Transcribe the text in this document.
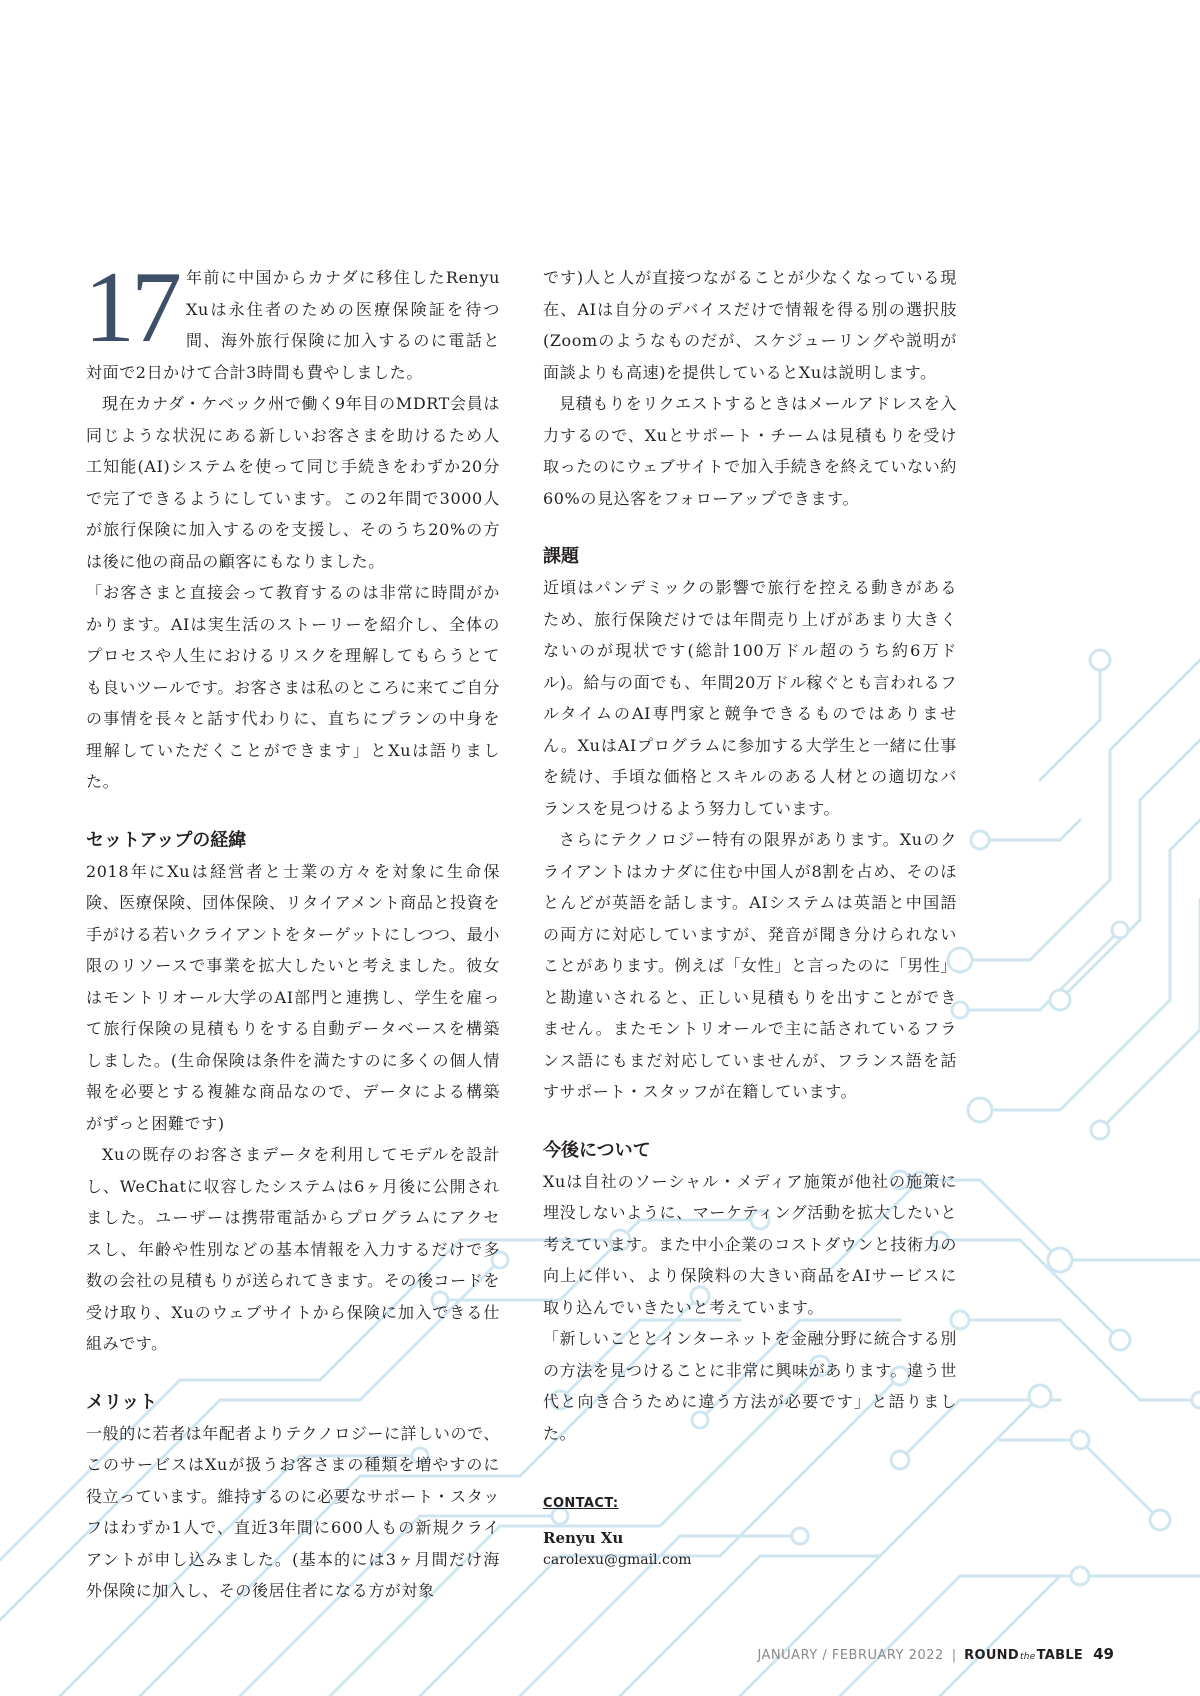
17 年前に中国からカナダに移住したRenyu Xuは永住者のための医療保険証を待つ間、海外旅行保険に加入するのに電話と対面で2日かけて合計3時間も費やしました。

現在カナダ・ケベック州で働く9年目のMDRT会員は同じような状況にある新しいお客さまを助けるため人工知能(AI)システムを使って同じ手続きをわずか20分で完了できるようにしています。この2年間で3000人が旅行保険に加入するのを支援し、そのうち20%の方は後に他の商品の顧客にもなりました。

「お客さまと直接会って教育するのは非常に時間がかかります。AIは実生活のストーリーを紹介し、全体のプロセスや人生におけるリスクを理解してもらうとても良いツールです。お客さまは私のところに来てご自分の事情を長々と話す代わりに、直ちにプランの中身を理解していただくことができます」とXuは語りました。

セットアップの経緯

2018年にXuは経営者と士業の方々を対象に生命保険、医療保険、団体保険、リタイアメント商品と投資を手がける若いクライアントをターゲットにしつつ、最小限のリソースで事業を拡大したいと考えました。彼女はモントリオール大学のAI部門と連携し、学生を雇って旅行保険の見積もりをする自動データベースを構築しました。(生命保険は条件を満たすのに多くの個人情報を必要とする複雑な商品なので、データによる構築がずっと困難です)

Xuの既存のお客さまデータを利用してモデルを設計し、WeChatに収容したシステムは6ヶ月後に公開されました。ユーザーは携帯電話からプログラムにアクセスし、年齢や性別などの基本情報を入力するだけで多数の会社の見積もりが送られてきます。その後コードを受け取り、Xuのウェブサイトから保険に加入できる仕組みです。

メリット

一般的に若者は年配者よりテクノロジーに詳しいので、このサービスはXuが扱うお客さまの種類を増やすのに役立っています。維持するのに必要なサポート・スタッフはわずか1人で、直近3年間に600人もの新規クライアントが申し込みました。(基本的には3ヶ月間だけ海外保険に加入し、その後居住者になる方が対象

です)人と人が直接つながることが少なくなっている現在、AIは自分のデバイスだけで情報を得る別の選択肢(Zoomのようなものだが、スケジューリングや説明が面談よりも高速)を提供しているとXuは説明します。

見積もりをリクエストするときはメールアドレスを入力するので、Xuとサポート・チームは見積もりを受け取ったのにウェブサイトで加入手続きを終えていない約60%の見込客をフォローアップできます。

課題

近頃はパンデミックの影響で旅行を控える動きがあるため、旅行保険だけでは年間売り上げがあまり大きくないのが現状です(総計100万ドル超のうち約6万ドル)。給与の面でも、年間20万ドル稼ぐとも言われるフルタイムのAI専門家と競争できるものではありません。XuはAIプログラムに参加する大学生と一緒に仕事を続け、手頃な価格とスキルのある人材との適切なバランスを見つけるよう努力しています。

さらにテクノロジー特有の限界があります。Xuのクライアントはカナダに住む中国人が8割を占め、そのほとんどが英語を話します。AIシステムは英語と中国語の両方に対応していますが、発音が聞き分けられないことがあります。例えば「女性」と言ったのに「男性」と勘違いされると、正しい見積もりを出すことができません。またモントリオールで主に話されているフランス語にもまだ対応していませんが、フランス語を話すサポート・スタッフが在籍しています。

今後について

Xuは自社のソーシャル・メディア施策が他社の施策に埋没しないように、マーケティング活動を拡大したいと考えています。また中小企業のコストダウンと技術力の向上に伴い、より保険料の大きい商品をAIサービスに取り込んでいきたいと考えています。

「新しいこととインターネットを金融分野に統合する別の方法を見つけることに非常に興味があります。違う世代と向き合うために違う方法が必要です」と語りました。

CONTACT:
Renyu Xu
carolexu@gmail.com
JANUARY / FEBRUARY 2022 | ROUNDtheTABLE 49
